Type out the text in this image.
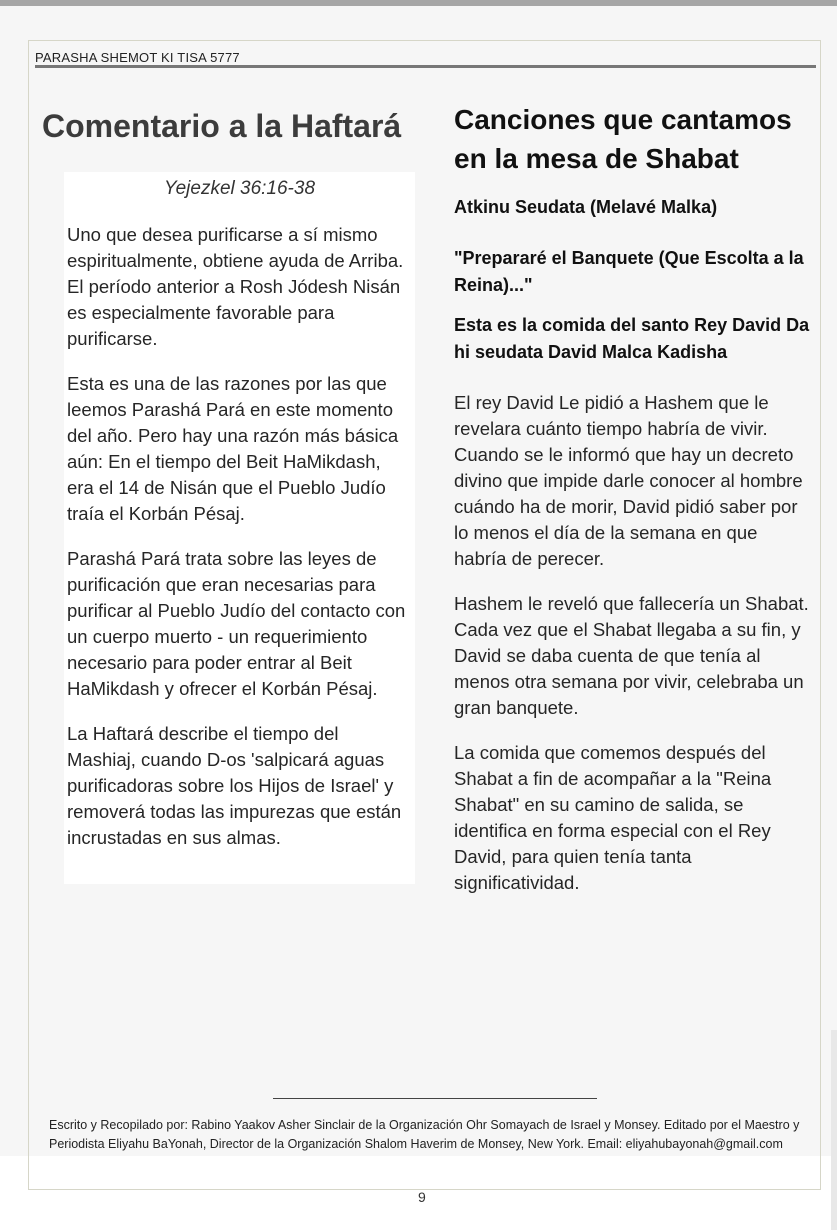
PARASHA SHEMOT KI TISA 5777
Comentario a la Haftará
Yejezkel 36:16-38

Uno que desea purificarse a sí mismo espiritualmente, obtiene ayuda de Arriba. El período anterior a Rosh Jódesh Nisán es especialmente favorable para purificarse.

Esta es una de las razones por las que leemos Parashá Pará en este momento del año. Pero hay una razón más básica aún: En el tiempo del Beit HaMikdash, era el 14 de Nisán que el Pueblo Judío traía el Korbán Pésaj.

Parashá Pará trata sobre las leyes de purificación que eran necesarias para purificar al Pueblo Judío del contacto con un cuerpo muerto - un requerimiento necesario para poder entrar al Beit HaMikdash y ofrecer el Korbán Pésaj.

La Haftará describe el tiempo del Mashiaj, cuando D-os 'salpicará aguas purificadoras sobre los Hijos de Israel' y removerá todas las impurezas que están incrustadas en sus almas.

Canciones que cantamos en la mesa de Shabat

Atkinu Seudata (Melavé Malka)

"Prepararé el Banquete (Que Escolta a la Reina)..."

Esta es la comida del santo Rey David Da hi seudata David Malca Kadisha

El rey David Le pidió a Hashem que le revelara cuánto tiempo habría de vivir. Cuando se le informó que hay un decreto divino que impide darle conocer al hombre cuándo ha de morir, David pidió saber por lo menos el día de la semana en que habría de perecer.

Hashem le reveló que fallecería un Shabat. Cada vez que el Shabat llegaba a su fin, y David se daba cuenta de que tenía al menos otra semana por vivir, celebraba un gran banquete.

La comida que comemos después del Shabat a fin de acompañar a la "Reina Shabat" en su camino de salida, se identifica en forma especial con el Rey David, para quien tenía tanta significatividad.

Escrito y Recopilado por: Rabino Yaakov Asher Sinclair de la Organización Ohr Somayach de Israel y Monsey. Editado por el Maestro y Periodista Eliyahu BaYonah, Director de la Organización Shalom Haverim de Monsey, New York. Email: eliyahubayonah@gmail.com
9
